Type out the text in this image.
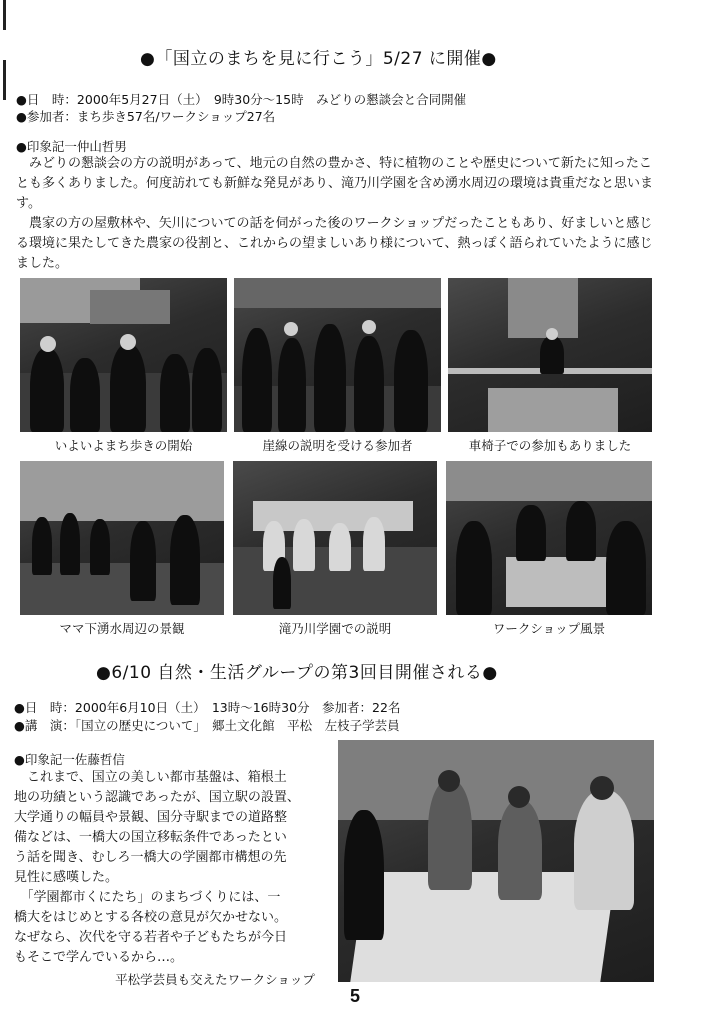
●「国立のまちを見に行こう」5/27 に開催●
●日　時：2000年5月27日（土）　9時30分～15時　みどりの懇談会と合同開催
●参加者：まち歩き57名/ワークショップ27名
●印象記一仲山哲男

　みどりの懇談会の方の説明があって、地元の自然の豊かさ、特に植物のことや歴史について新たに知ったことも多くありました。何度訪れても新鮮な発見があり、滝乃川学園を含め湧水周辺の環境は貴重だなと思います。

　農家の方の屋敷林や、矢川についての話を伺がった後のワークショップだったこともあり、好ましいと感じる環境に果たしてきた農家の役割と、これからの望ましいあり様について、熱っぽく語られていたように感じました。

いよいよまち歩きの開始	崖線の説明を受ける参加者	車椅子での参加もありました
ママ下湧水周辺の景観	滝乃川学園での説明	ワークショップ風景
●6/10 自然・生活グループの第3回目開催される●
●日　時：2000年6月10日（土）　13時～16時30分　参加者：22名
●講　演：「国立の歴史について」　郷土文化館　平松　左枝子学芸員
●印象記一佐藤哲信

　これまで、国立の美しい都市基盤は、箱根土

地の功績という認識であったが、国立駅の設置、

大学通りの幅員や景観、国分寺駅までの道路整

備などは、一橋大の国立移転条件であったとい

う話を聞き、むしろ一橋大の学園都市構想の先

見性に感嘆した。

　「学園都市くにたち」のまちづくりには、一

橋大をはじめとする各校の意見が欠かせない。

なぜなら、次代を守る若者や子どもたちが今日

もそこで学んでいるから…。

平松学芸員も交えたワークショップ
5
